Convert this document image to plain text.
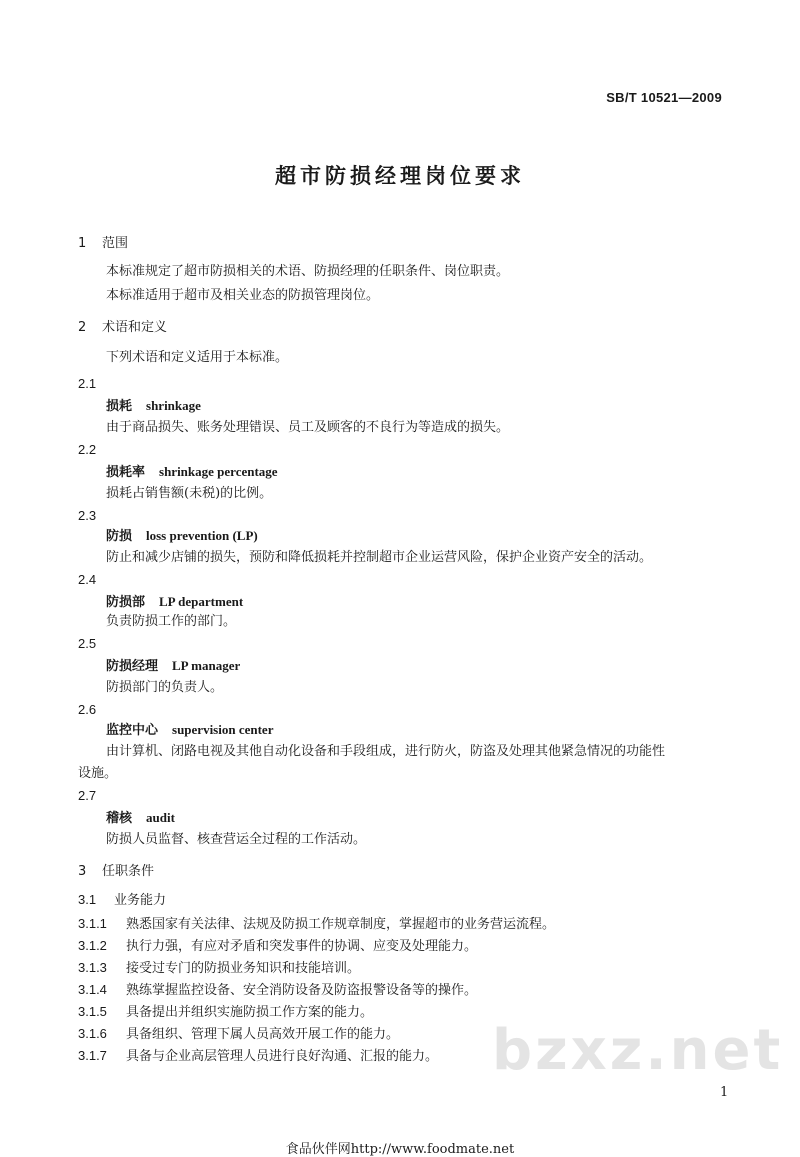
SB/T 10521—2009
超市防损经理岗位要求
1 范围
本标准规定了超市防损相关的术语、防损经理的任职条件、岗位职责。
本标准适用于超市及相关业态的防损管理岗位。
2 术语和定义
下列术语和定义适用于本标准。
2.1
损耗 shrinkage
由于商品损失、账务处理错误、员工及顾客的不良行为等造成的损失。
2.2
损耗率 shrinkage percentage
损耗占销售额(未税)的比例。
2.3
防损 loss prevention (LP)
防止和减少店铺的损失，预防和降低损耗并控制超市企业运营风险，保护企业资产安全的活动。
2.4
防损部 LP department
负责防损工作的部门。
2.5
防损经理 LP manager
防损部门的负责人。
2.6
监控中心 supervision center
由计算机、闭路电视及其他自动化设备和手段组成，进行防火，防盗及处理其他紧急情况的功能性
设施。
2.7
稽核 audit
防损人员监督、核查营运全过程的工作活动。
3 任职条件
3.1 业务能力
3.1.1 熟悉国家有关法律、法规及防损工作规章制度，掌握超市的业务营运流程。
3.1.2 执行力强，有应对矛盾和突发事件的协调、应变及处理能力。
3.1.3 接受过专门的防损业务知识和技能培训。
3.1.4 熟练掌握监控设备、安全消防设备及防盗报警设备等的操作。
3.1.5 具备提出并组织实施防损工作方案的能力。
3.1.6 具备组织、管理下属人员高效开展工作的能力。
3.1.7 具备与企业高层管理人员进行良好沟通、汇报的能力。 bzxz.net
1
食品伙伴网http://www.foodmate.net
